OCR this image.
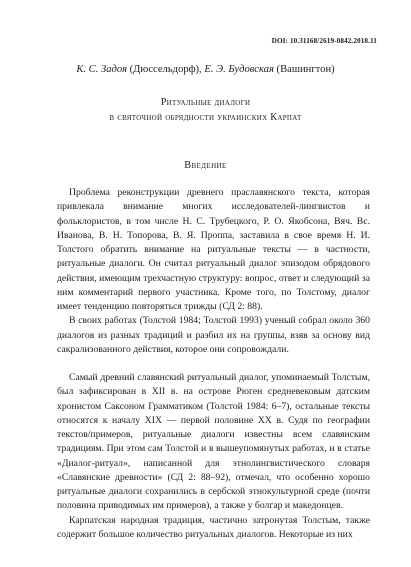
DOI: 10.31168/2619-0842.2018.11
К. С. Задоя (Дюссельдорф), Е. Э. Будовская (Вашингтон)
Ритуальные диалоги
в святочной обрядности украинских Карпат
Введение

Проблема реконструкции древнего праславянского текста, которая привлекала внимание многих исследователей-лингвистов и фольклористов, в том числе Н. С. Трубецкого, Р. О. Якобсона, Вяч. Вс. Иванова, В. Н. Топорова, В. Я. Проппа, заставила в свое время Н. И. Толстого обратить внимание на ритуальные тексты — в частности, ритуальные диалоги. Он считал ритуальный диалог эпизодом обрядового действия, имеющим трехчастную структуру: вопрос, ответ и следующий за ним комментарий первого участника. Кроме того, по Толстому, диалог имеет тенденцию повторяться трижды (СД 2: 88).

В своих работах (Толстой 1984; Толстой 1993) ученый собрал около 360 диалогов из разных традиций и разбил их на группы, взяв за основу вид сакрализованного действия, которое они сопровождали.

Самый древний славянский ритуальный диалог, упоминаемый Толстым, был зафиксирован в XII в. на острове Рюген средневековым датским хронистом Саксоном Грамматиком (Толстой 1984: 6–7), остальные тексты относятся к началу XIX — первой половине XX в. Судя по географии текстов/примеров, ритуальные диалоги известны всем славянским традициям. При этом сам Толстой и в вышеупомянутых работах, и в статье «Диалог-ритуал», написанной для этнолингвистического словаря «Славянские древности» (СД 2: 88–92), отмечал, что особенно хорошо ритуальные диалоги сохранились в сербской этнокультурной среде (почти половина приводимых им примеров), а также у болгар и македонцев.

Карпатская народная традиция, частично затронутая Толстым, также содержит большое количество ритуальных диалогов. Некоторые из них
